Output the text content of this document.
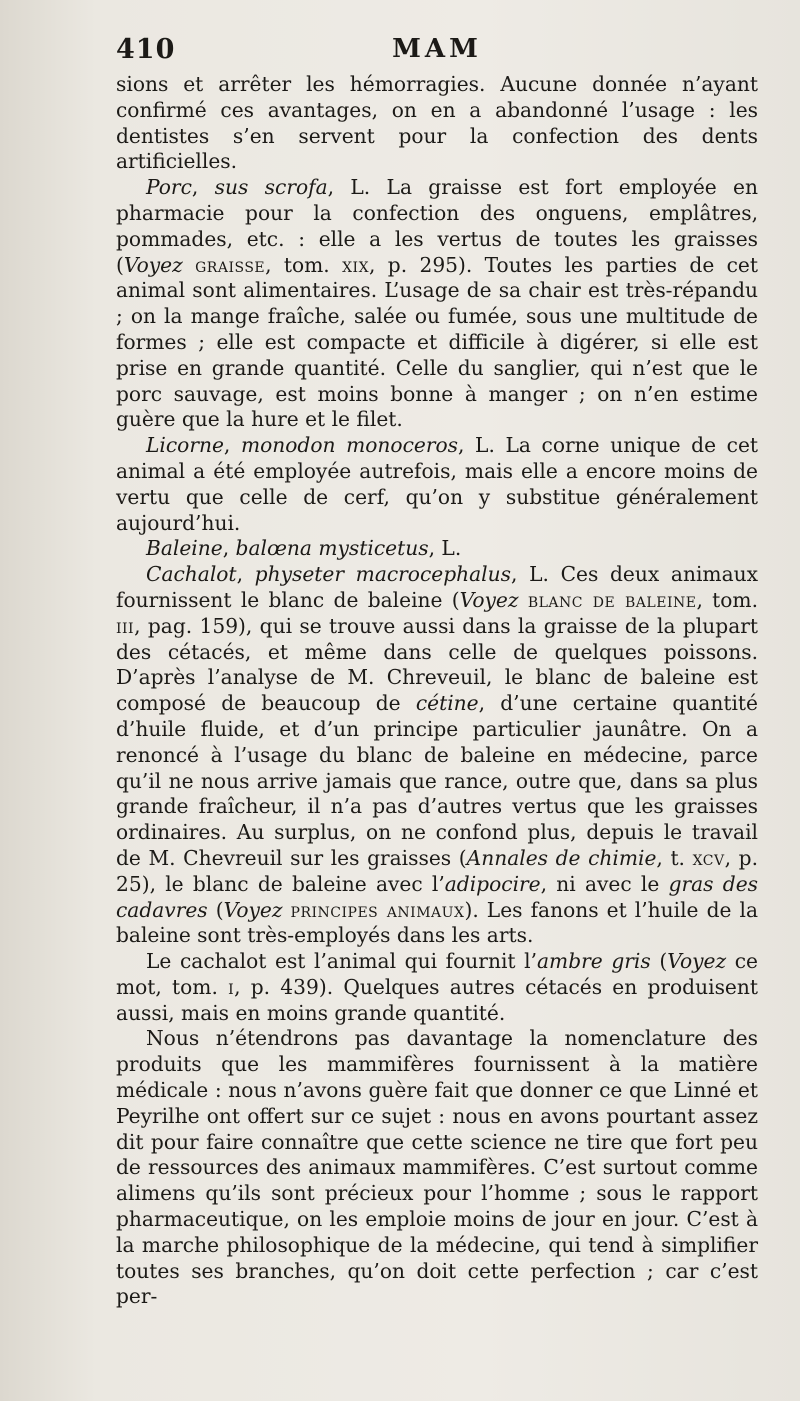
410	MAM

sions et arrêter les hémorragies. Aucune donnée n’ayant confirmé ces avantages, on en a abandonné l’usage : les dentistes s’en servent pour la confection des dents artificielles.

Porc, sus scrofa, L. La graisse est fort employée en pharmacie pour la confection des onguens, emplâtres, pommades, etc. : elle a les vertus de toutes les graisses (Voyez graisse, tom. xix, p. 295). Toutes les parties de cet animal sont alimentaires. L’usage de sa chair est très-répandu ; on la mange fraîche, salée ou fumée, sous une multitude de formes ; elle est compacte et difficile à digérer, si elle est prise en grande quantité. Celle du sanglier, qui n’est que le porc sauvage, est moins bonne à manger ; on n’en estime guère que la hure et le filet.

Licorne, monodon monoceros, L. La corne unique de cet animal a été employée autrefois, mais elle a encore moins de vertu que celle de cerf, qu’on y substitue généralement aujourd’hui.

Baleine, balœna mysticetus, L.

Cachalot, physeter macrocephalus, L. Ces deux animaux fournissent le blanc de baleine (Voyez blanc de baleine, tom. iii, pag. 159), qui se trouve aussi dans la graisse de la plupart des cétacés, et même dans celle de quelques poissons. D’après l’analyse de M. Chreveuil, le blanc de baleine est composé de beaucoup de cétine, d’une certaine quantité d’huile fluide, et d’un principe particulier jaunâtre. On a renoncé à l’usage du blanc de baleine en médecine, parce qu’il ne nous arrive jamais que rance, outre que, dans sa plus grande fraîcheur, il n’a pas d’autres vertus que les graisses ordinaires. Au surplus, on ne confond plus, depuis le travail de M. Chevreuil sur les graisses (Annales de chimie, t. xcv, p. 25), le blanc de baleine avec l’adipocire, ni avec le gras des cadavres (Voyez principes animaux). Les fanons et l’huile de la baleine sont très-employés dans les arts.

Le cachalot est l’animal qui fournit l’ambre gris (Voyez ce mot, tom. i, p. 439). Quelques autres cétacés en produisent aussi, mais en moins grande quantité.

Nous n’étendrons pas davantage la nomenclature des produits que les mammifères fournissent à la matière médicale : nous n’avons guère fait que donner ce que Linné et Peyrilhe ont offert sur ce sujet : nous en avons pourtant assez dit pour faire connaître que cette science ne tire que fort peu de ressources des animaux mammifères. C’est surtout comme alimens qu’ils sont précieux pour l’homme ; sous le rapport pharmaceutique, on les emploie moins de jour en jour. C’est à la marche philosophique de la médecine, qui tend à simplifier toutes ses branches, qu’on doit cette perfection ; car c’est per-
